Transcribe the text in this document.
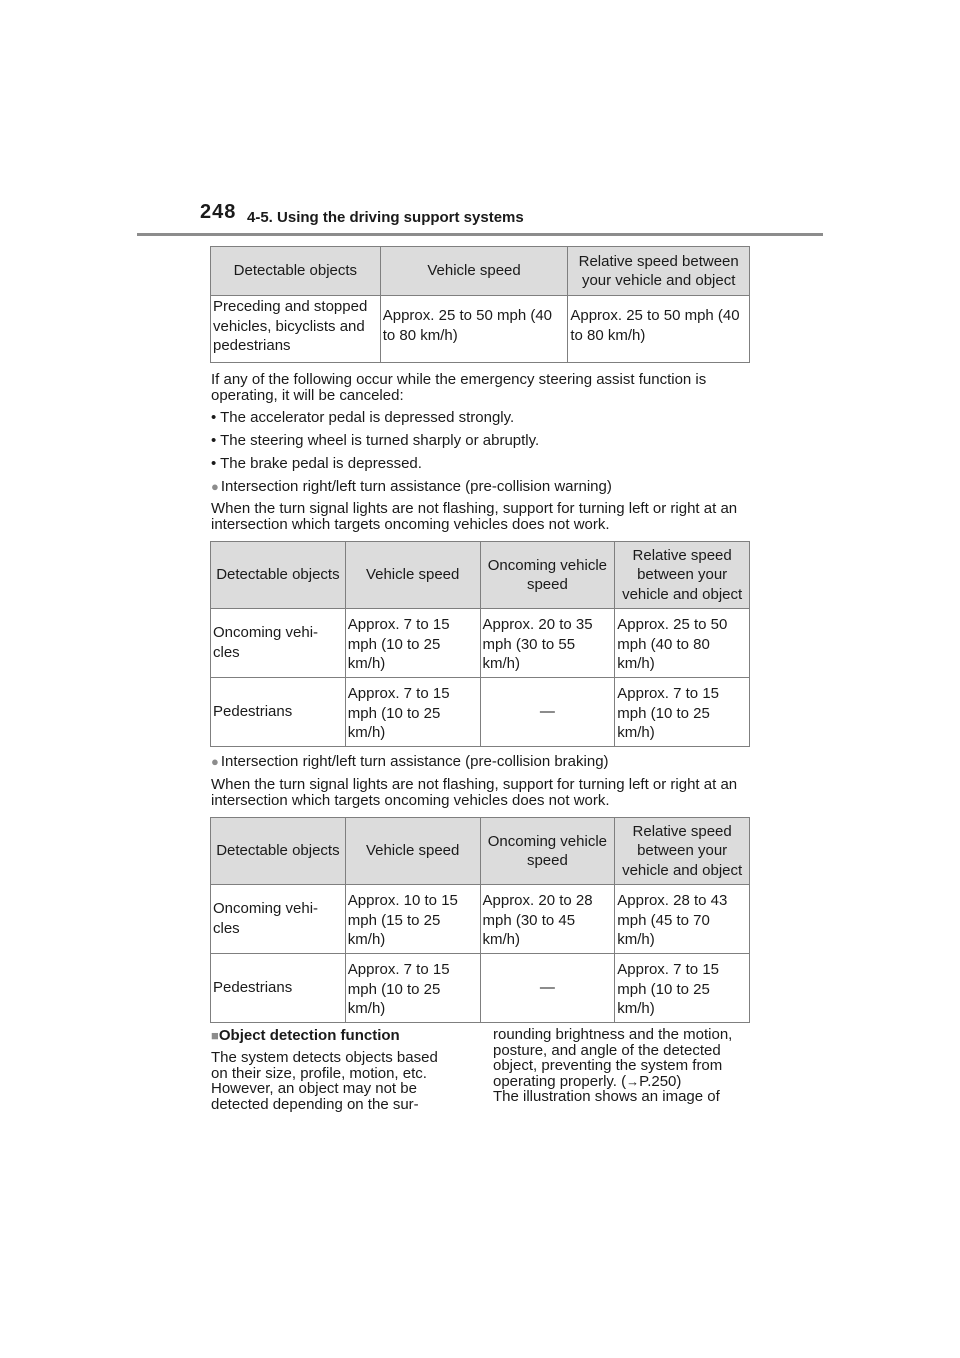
248 4-5. Using the driving support systems
Detectable objects	Vehicle speed	Relative speed between your vehicle and object
Preceding and stopped vehicles, bicyclists and pedestrians	Approx. 25 to 50 mph (40 to 80 km/h)	Approx. 25 to 50 mph (40 to 80 km/h)
If any of the following occur while the emergency steering assist function is operating, it will be canceled:
• The accelerator pedal is depressed strongly.
• The steering wheel is turned sharply or abruptly.
• The brake pedal is depressed.
● Intersection right/left turn assistance (pre-collision warning)
When the turn signal lights are not flashing, support for turning left or right at an intersection which targets oncoming vehicles does not work.
Detectable objects	Vehicle speed	Oncoming vehicle speed	Relative speed between your vehicle and object
Oncoming vehi-cles	Approx. 7 to 15 mph (10 to 25 km/h)	Approx. 20 to 35 mph (30 to 55 km/h)	Approx. 25 to 50 mph (40 to 80 km/h)
Pedestrians	Approx. 7 to 15 mph (10 to 25 km/h)	—	Approx. 7 to 15 mph (10 to 25 km/h)
● Intersection right/left turn assistance (pre-collision braking)
When the turn signal lights are not flashing, support for turning left or right at an intersection which targets oncoming vehicles does not work.
Detectable objects	Vehicle speed	Oncoming vehicle speed	Relative speed between your vehicle and object
Oncoming vehi-cles	Approx. 10 to 15 mph (15 to 25 km/h)	Approx. 20 to 28 mph (30 to 45 km/h)	Approx. 28 to 43 mph (45 to 70 km/h)
Pedestrians	Approx. 7 to 15 mph (10 to 25 km/h)	—	Approx. 7 to 15 mph (10 to 25 km/h)
■Object detection function
The system detects objects based
on their size, profile, motion, etc.
However, an object may not be
detected depending on the sur-
rounding brightness and the motion,
posture, and angle of the detected
object, preventing the system from
operating properly. (→P.250)
The illustration shows an image of
